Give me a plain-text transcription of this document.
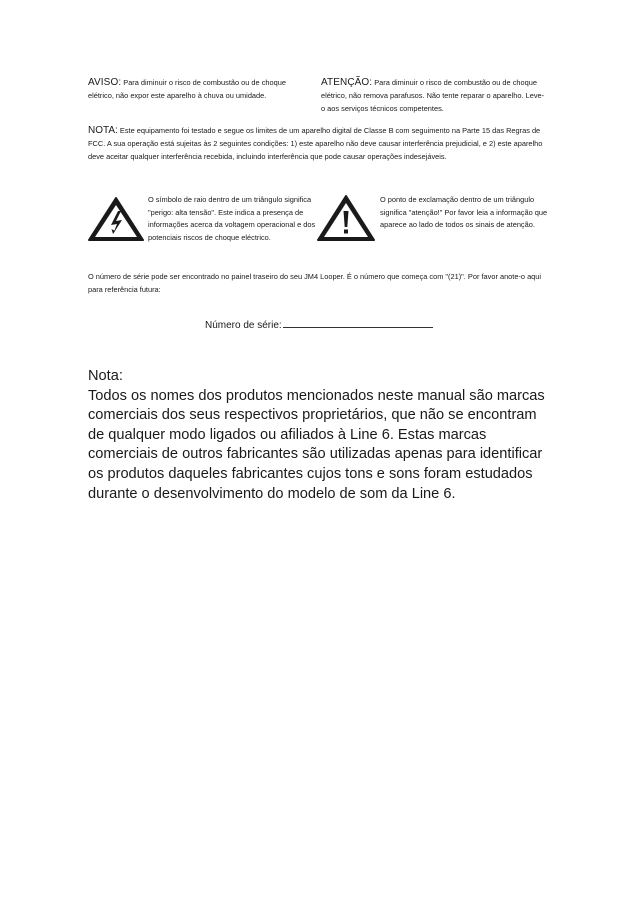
AVISO: Para diminuir o risco de combustão ou de choque elétrico, não expor este aparelho à chuva ou umidade.
ATENÇÃO: Para diminuir o risco de combustão ou de choque elétrico, não remova parafusos. Não tente reparar o aparelho. Leve-o aos serviços técnicos competentes.
NOTA: Este equipamento foi testado e segue os limites de um aparelho digital de Classe B com seguimento na Parte 15 das Regras de FCC. A sua operação está sujeitas às 2 seguintes condições: 1) este aparelho não deve causar interferência prejudicial, e 2) este aparelho deve aceitar qualquer interferência recebida, incluindo interferência que pode causar operações indesejáveis.
O símbolo de raio dentro de um triângulo significa "perigo: alta tensão". Este indica a presença de informações acerca da voltagem operacional e dos potenciais riscos de choque eléctrico.
O ponto de exclamação dentro de um triângulo significa "atenção!" Por favor leia a informação que aparece ao lado de todos os sinais de atenção.
O número de série pode ser encontrado no painel traseiro do seu JM4 Looper. É o número que começa com "(21)". Por favor anote-o aqui para referência futura:
Número de série:

Nota:

Todos os nomes dos produtos mencionados neste manual são marcas comerciais dos seus respectivos proprietários, que não se encontram de qualquer modo ligados ou afiliados à Line 6. Estas marcas comerciais de outros fabricantes são utilizadas apenas para identificar os produtos daqueles fabricantes cujos tons e sons foram estudados durante o desenvolvimento do modelo de som da Line 6.
